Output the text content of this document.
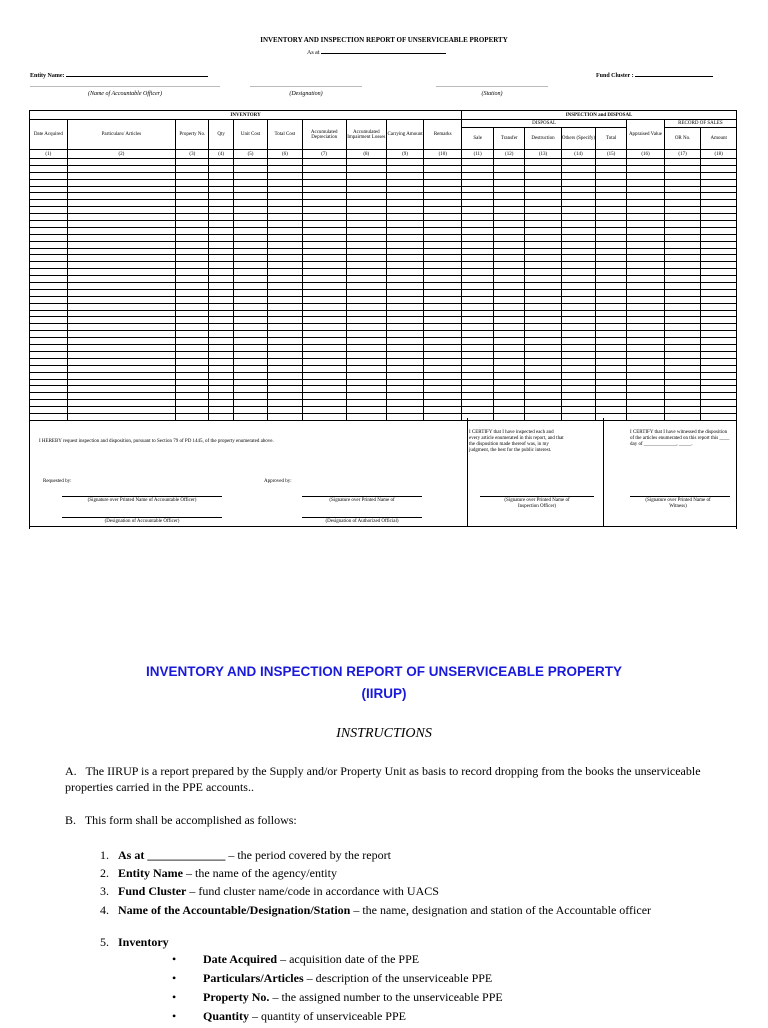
INVENTORY AND INSPECTION REPORT OF UNSERVICEABLE PROPERTY
As at
Entity Name:	Fund Cluster :
(Name of Accountable Officer)	(Designation)	(Station)
INVENTORY										INSPECTION and DISPOSAL							
Date Acquired	Particulars/ Articles	Property No.	Qty	Unit Cost	Total Cost	Accumulated Depreciation	Accumulated Impairment Losses	Carrying Amount	Remarks	DISPOSAL					Appraised Value	RECORD OF SALES	
										Sale	Transfer	Destruction	Others (Specify)	Total		OR No.	Amount
(1)	(2)	(3)	(4)	(5)	(6)	(7)	(8)	(9)	(10)	(11)	(12)	(13)	(14)	(15)	(16)	(17)	(18)

I HEREBY request inspection and disposition, pursuant to Section 79 of PD 1445, of the property enumerated above.
I CERTIFY that I have inspected each and every article enumerated in this report, and that the disposition made thereof was, in my judgment, the best for the public interest.
I CERTIFY that I have witnessed the disposition of the articles enumerated on this report this ____ day of _____________, _____.
Requested by:	Approved by:
(Signature over Printed Name of Accountable Officer)	(Signature over Printed Name of
(Designation of Accountable Officer)	(Designation of Authorized Official)
(Signature over Printed Name of
Inspection Officer)
(Signature over Printed Name of
Witness)
INVENTORY AND INSPECTION REPORT OF UNSERVICEABLE PROPERTY
(IIRUP)
INSTRUCTIONS
A. The IIRUP is a report prepared by the Supply and/or Property Unit as basis to record dropping from the books the unserviceable properties carried in the PPE accounts..
B. This form shall be accomplished as follows:
1. As at _____________ – the period covered by the report
2. Entity Name – the name of the agency/entity
3. Fund Cluster – fund cluster name/code in accordance with UACS
4. Name of the Accountable/Designation/Station – the name, designation and station of the Accountable officer
5. Inventory
• Date Acquired – acquisition date of the PPE
• Particulars/Articles – description of the unserviceable PPE
• Property No. – the assigned number to the unserviceable PPE
• Quantity – quantity of unserviceable PPE
